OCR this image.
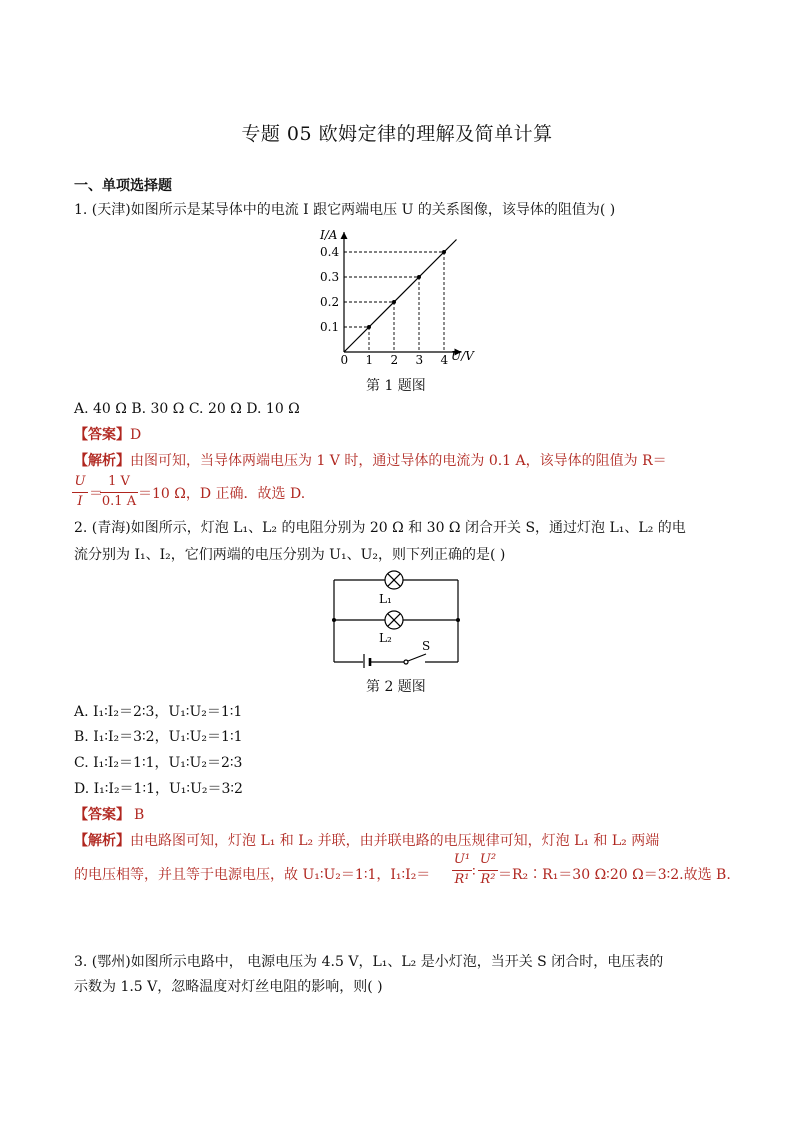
专题 05 欧姆定律的理解及简单计算
一、单项选择题
1. (天津)如图所示是某导体中的电流 I 跟它两端电压 U 的关系图像，该导体的阻值为( )
0 1 2 3 4
0.1
0.2
0.3
0.4
I/A
U/V
第 1 题图
A. 40 Ω B. 30 Ω C. 20 Ω D. 10 Ω
【答案】D
【解析】由图可知，当导体两端电压为 1 V 时，通过导体的电流为 0.1 A，该导体的阻值为 R＝
U
I ＝
1 V
0.1 A ＝10 Ω，D 正确．故选 D.
2. (青海)如图所示，灯泡 L₁、L₂ 的电阻分别为 20 Ω 和 30 Ω 闭合开关 S，通过灯泡 L₁、L₂ 的电
流分别为 I₁、I₂，它们两端的电压分别为 U₁、U₂，则下列正确的是( )
L₁
L₂
S
第 2 题图
A. I₁∶I₂＝2∶3，U₁∶U₂＝1∶1
B. I₁∶I₂＝3∶2，U₁∶U₂＝1∶1
C. I₁∶I₂＝1∶1，U₁∶U₂＝2∶3
D. I₁∶I₂＝1∶1，U₁∶U₂＝3∶2
【答案】 B
【解析】由电路图可知，灯泡 L₁ 和 L₂ 并联，由并联电路的电压规律可知，灯泡 L₁ 和 L₂ 两端
的电压相等，并且等于电源电压，故 U₁∶U₂＝1∶1，I₁∶I₂＝
U¹
R¹ ∶
U²
R² ＝R₂∶R₁＝30 Ω∶20 Ω＝3∶2.故选 B.
3. (鄂州)如图所示电路中， 电源电压为 4.5 V，L₁、L₂ 是小灯泡，当开关 S 闭合时，电压表的
示数为 1.5 V，忽略温度对灯丝电阻的影响，则( )
